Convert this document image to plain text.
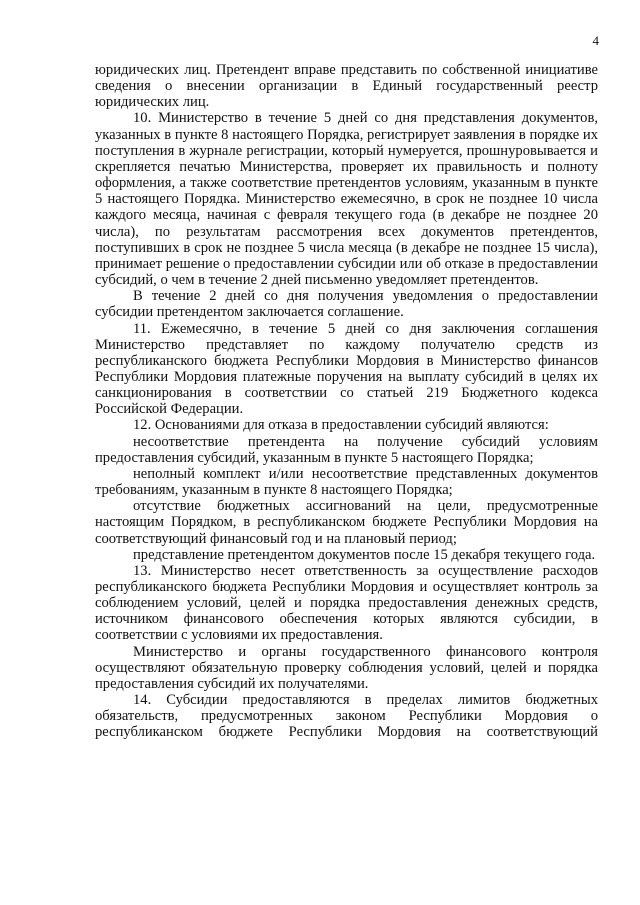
4

юридических лиц. Претендент вправе представить по собственной инициативе сведения о внесении организации в Единый государственный реестр юридических лиц.

10. Министерство в течение 5 дней со дня представления документов, указанных в пункте 8 настоящего Порядка, регистрирует заявления в порядке их поступления в журнале регистрации, который нумеруется, прошнуровывается и скрепляется печатью Министерства, проверяет их правильность и полноту оформления, а также соответствие претендентов условиям, указанным в пункте 5 настоящего Порядка. Министерство ежемесячно, в срок не позднее 10 числа каждого месяца, начиная с февраля текущего года (в декабре не позднее 20 числа), по результатам рассмотрения всех документов претендентов, поступивших в срок не позднее 5 числа месяца (в декабре не позднее 15 числа), принимает решение о предоставлении субсидии или об отказе в предоставлении субсидий, о чем в течение 2 дней письменно уведомляет претендентов.

В течение 2 дней со дня получения уведомления о предоставлении субсидии претендентом заключается соглашение.

11. Ежемесячно, в течение 5 дней со дня заключения соглашения Министерство представляет по каждому получателю средств из республиканского бюджета Республики Мордовия в Министерство финансов Республики Мордовия платежные поручения на выплату субсидий в целях их санкционирования в соответствии со статьей 219 Бюджетного кодекса Российской Федерации.

12. Основаниями для отказа в предоставлении субсидий являются:

несоответствие претендента на получение субсидий условиям предоставления субсидий, указанным в пункте 5 настоящего Порядка;

неполный комплект и/или несоответствие представленных документов требованиям, указанным в пункте 8 настоящего Порядка;

отсутствие бюджетных ассигнований на цели, предусмотренные настоящим Порядком, в республиканском бюджете Республики Мордовия на соответствующий финансовый год и на плановый период;

представление претендентом документов после 15 декабря текущего года.

13. Министерство несет ответственность за осуществление расходов республиканского бюджета Республики Мордовия и осуществляет контроль за соблюдением условий, целей и порядка предоставления денежных средств, источником финансового обеспечения которых являются субсидии, в соответствии с условиями их предоставления.

Министерство и органы государственного финансового контроля осуществляют обязательную проверку соблюдения условий, целей и порядка предоставления субсидий их получателями.

14. Субсидии предоставляются в пределах лимитов бюджетных обязательств, предусмотренных законом Республики Мордовия о республиканском бюджете Республики Мордовия на соответствующий
